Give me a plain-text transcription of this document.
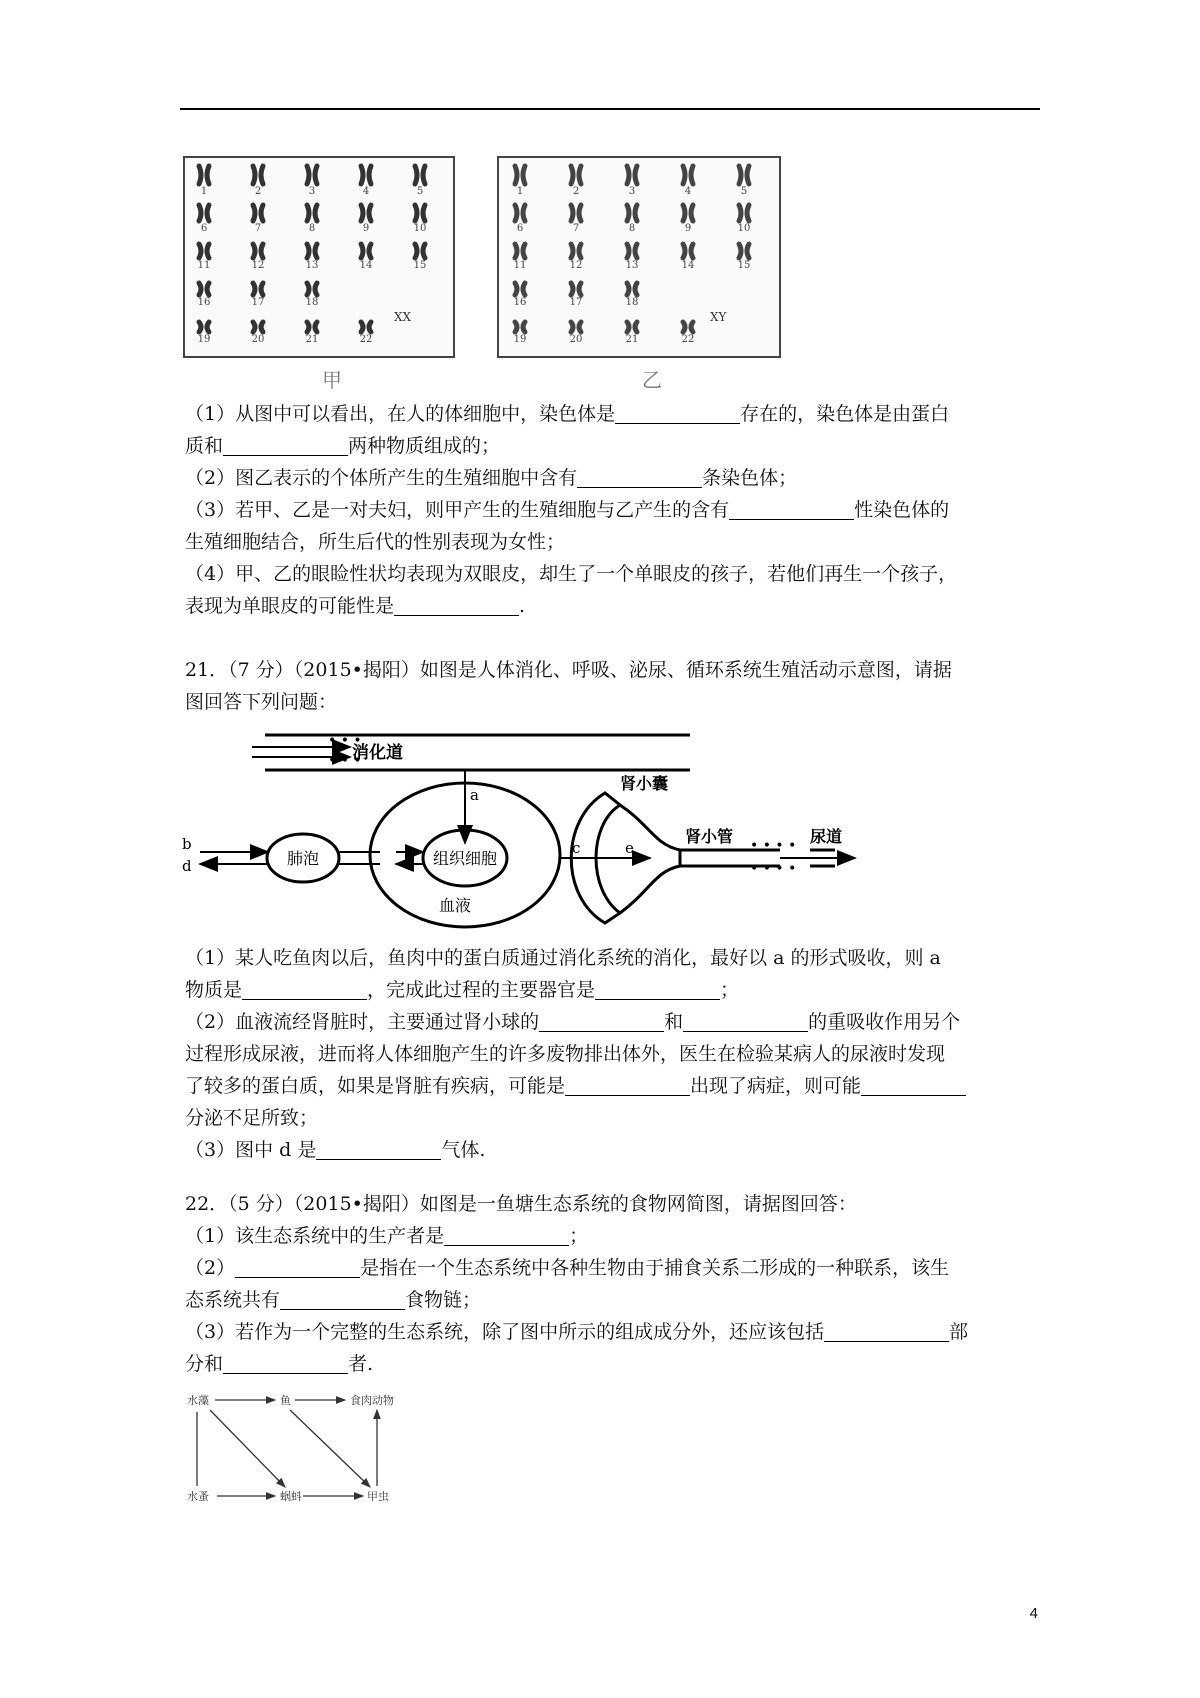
1	2	3	4	5
6	7	8	9	10
11	12	13	14	15
16	17	18
19	20	21	22
1	2	3	4	5
6	7	8	9	10
11	12	13	14	15
16	17	18
19	20	21	22
XX	XY
甲	乙

（1）从图中可以看出，在人的体细胞中，染色体是	存在的，染色体是由蛋白

质和	两种物质组成的；

（2）图乙表示的个体所产生的生殖细胞中含有	条染色体；

（3）若甲、乙是一对夫妇，则甲产生的生殖细胞与乙产生的含有	性染色体的

生殖细胞结合，所生后代的性别表现为女性；

（4）甲、乙的眼睑性状均表现为双眼皮，却生了一个单眼皮的孩子，若他们再生一个孩子，

表现为单眼皮的可能性是	.

21．（7 分）（2015•揭阳）如图是人体消化、呼吸、泌尿、循环系统生殖活动示意图，请据

图回答下列问题：

• • •
• • •
消化道
a
组织细胞
血液
肺泡
b
d
c
肾小囊
e
肾小管 • • • •
• • • •
尿道

（1）某人吃鱼肉以后，鱼肉中的蛋白质通过消化系统的消化，最好以 a 的形式吸收，则 a

物质是	，完成此过程的主要器官是	；

（2）血液流经肾脏时，主要通过肾小球的	和	的重吸收作用另个

过程形成尿液，进而将人体细胞产生的许多废物排出体外，医生在检验某病人的尿液时发现

了较多的蛋白质，如果是肾脏有疾病，可能是	出现了病症，则可能

分泌不足所致；

（3）图中 d 是	气体.

22．（5 分）（2015•揭阳）如图是一鱼塘生态系统的食物网简图，请据图回答：

（1）该生态系统中的生产者是	；

（2）	是指在一个生态系统中各种生物由于捕食关系二形成的一种联系，该生

态系统共有	食物链；

（3）若作为一个完整的生态系统，除了图中所示的组成成分外，还应该包括	部

分和	者.

水藻	鱼	食肉动物
水蚤	蜗蚪	甲虫
4
